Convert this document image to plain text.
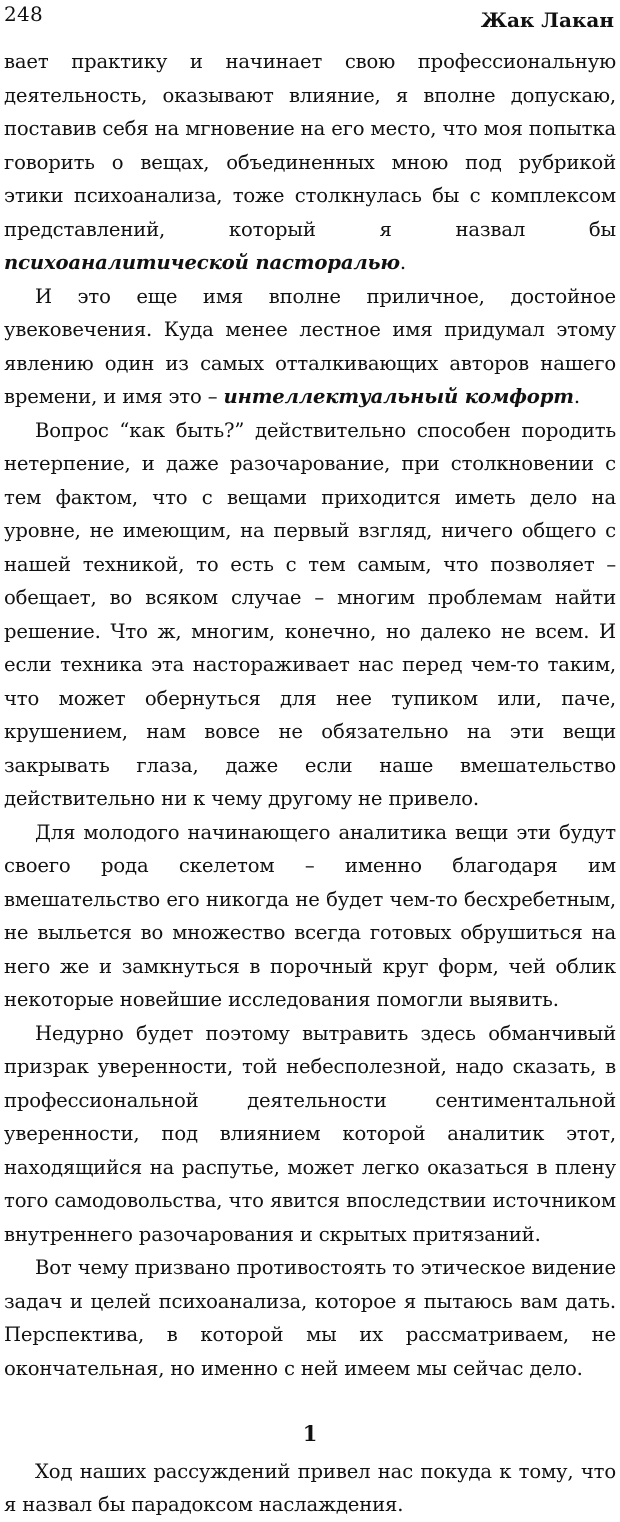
248	Жак Лакан

вает практику и начинает свою профессиональную деятельность, оказывают влияние, я вполне допускаю, поставив себя на мгновение на его место, что моя попытка говорить о вещах, объединенных мною под рубрикой этики психоанализа, тоже столкнулась бы с комплексом представлений, который я назвал бы психоаналитической пасторалью.

И это еще имя вполне приличное, достойное увековечения. Куда менее лестное имя придумал этому явлению один из самых отталкивающих авторов нашего времени, и имя это – интеллектуальный комфорт.

Вопрос “как быть?” действительно способен породить нетерпение, и даже разочарование, при столкновении с тем фактом, что с вещами приходится иметь дело на уровне, не имеющим, на первый взгляд, ничего общего с нашей техникой, то есть с тем самым, что позволяет – обещает, во всяком случае – многим проблемам найти решение. Что ж, многим, конечно, но далеко не всем. И если техника эта настораживает нас перед чем-то таким, что может обернуться для нее тупиком или, паче, крушением, нам вовсе не обязательно на эти вещи закрывать глаза, даже если наше вмешательство действительно ни к чему другому не привело.

Для молодого начинающего аналитика вещи эти будут своего рода скелетом – именно благодаря им вмешательство его никогда не будет чем-то бесхребетным, не выльется во множество всегда готовых обрушиться на него же и замкнуться в порочный круг форм, чей облик некоторые новейшие исследования помогли выявить.

Недурно будет поэтому вытравить здесь обманчивый призрак уверенности, той небесполезной, надо сказать, в профессиональной деятельности сентиментальной уверенности, под влиянием которой аналитик этот, находящийся на распутье, может легко оказаться в плену того самодовольства, что явится впоследствии источником внутреннего разочарования и скрытых притязаний.

Вот чему призвано противостоять то этическое видение задач и целей психоанализа, которое я пытаюсь вам дать. Перспектива, в которой мы их рассматриваем, не окончательная, но именно с ней имеем мы сейчас дело.

1

Ход наших рассуждений привел нас покуда к тому, что я назвал бы парадоксом наслаждения.
